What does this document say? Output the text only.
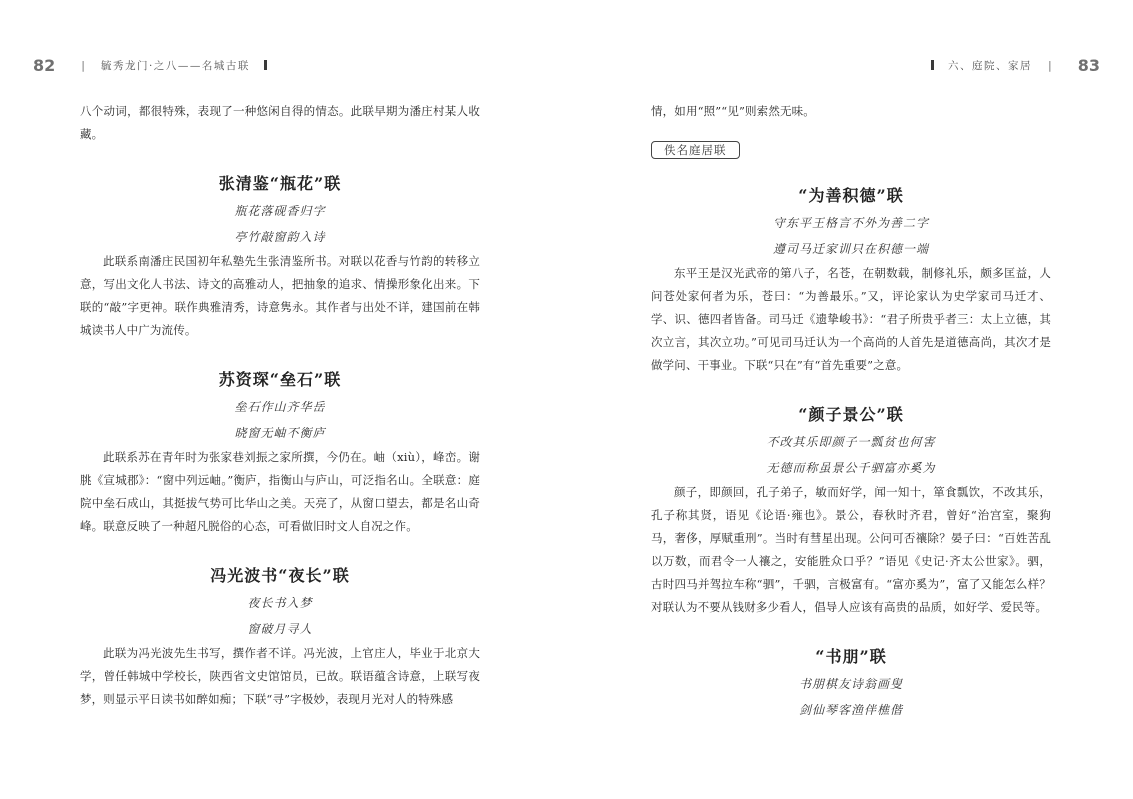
82 | 毓秀龙门·之八——名城古联

八个动词，都很特殊，表现了一种悠闲自得的情态。此联早期为潘庄村某人收藏。

张清鉴“瓶花”联
瓶花落砚香归字
亭竹敲窗韵入诗

此联系南潘庄民国初年私塾先生张清鉴所书。对联以花香与竹韵的转移立意，写出文化人书法、诗文的高雅动人，把抽象的追求、情操形象化出来。下联的“敲”字更神。联作典雅清秀，诗意隽永。其作者与出处不详，建国前在韩城读书人中广为流传。

苏资琛“垒石”联
垒石作山齐华岳
晓窗无岫不衡庐

此联系苏在青年时为张家巷刘振之家所撰，今仍在。岫（xiù），峰峦。谢朓《宣城郡》：“窗中列远岫。”衡庐，指衡山与庐山，可泛指名山。全联意：庭院中垒石成山，其挺拔气势可比华山之美。天亮了，从窗口望去，都是名山奇峰。联意反映了一种超凡脱俗的心态，可看做旧时文人自况之作。

冯光波书“夜长”联
夜长书入梦
窗破月寻人

此联为冯光波先生书写，撰作者不详。冯光波，上官庄人，毕业于北京大学，曾任韩城中学校长，陕西省文史馆馆员，已故。联语蕴含诗意，上联写夜梦，则显示平日读书如醉如痴；下联“寻”字极妙，表现月光对人的特殊感

六、庭院、家居 | 83

情，如用“照”“见”则索然无味。

佚名庭居联
“为善积德”联
守东平王格言不外为善二字
遵司马迁家训只在积德一端

东平王是汉光武帝的第八子，名苍，在朝数载，制修礼乐，颇多匡益，人问苍处家何者为乐，苍曰：“为善最乐。”又，评论家认为史学家司马迁才、学、识、德四者皆备。司马迁《遗挚峻书》：“君子所贵乎者三：太上立德，其次立言，其次立功。”可见司马迁认为一个高尚的人首先是道德高尚，其次才是做学问、干事业。下联“只在”有“首先重要”之意。

“颜子景公”联
不改其乐即颜子一瓢贫也何害
无德而称虽景公千驷富亦奚为

颜子，即颜回，孔子弟子，敏而好学，闻一知十，箪食瓢饮，不改其乐，孔子称其贤，语见《论语·雍也》。景公，春秋时齐君，曾好“治宫室，聚狗马，奢侈，厚赋重刑”。当时有彗星出现。公问可否禳除？晏子曰：“百姓苦乱以万数，而君令一人禳之，安能胜众口乎？”语见《史记·齐太公世家》。驷，古时四马并驾拉车称“驷”，千驷，言极富有。“富亦奚为”，富了又能怎么样？对联认为不要从钱财多少看人，倡导人应该有高贵的品质，如好学、爱民等。

“书朋”联
书朋棋友诗翁画叟
剑仙琴客渔伴樵偕
